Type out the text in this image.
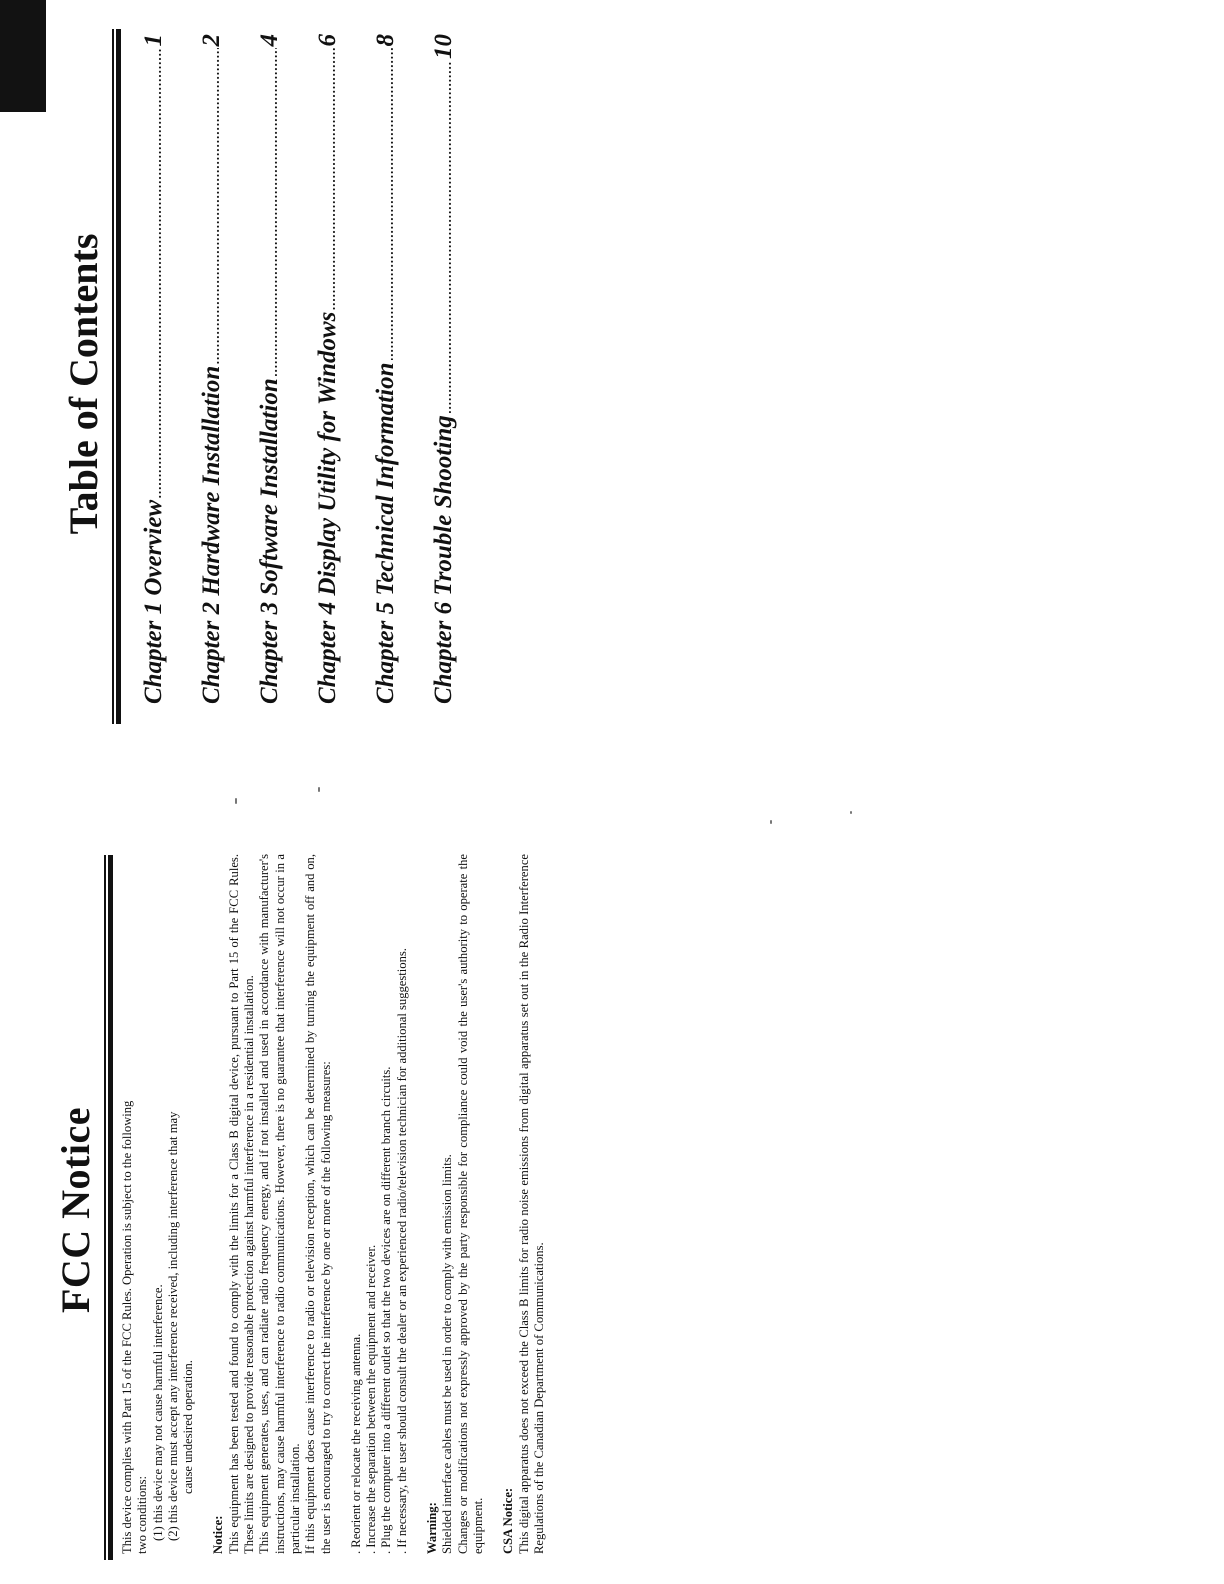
FCC Notice This device complies with Part 15 of the FCC Rules. Operation is subject to the following two conditions: (1) this device may not cause harmful interference. (2) this device must accept any interference received, including interference that may cause undesired operation.

Notice: This equipment has been tested and found to comply with the limits for a Class B digital device, pursuant to Part 15 of the FCC Rules. These limits are designed to provide reasonable protection against harmful interference in a residential installation. This equipment generates, uses, and can radiate radio frequency energy, and if not installed and used in accordance with manufacturer's instructions, may cause harmful interference to radio communications. However, there is no guarantee that interference will not occur in a particular installation. If this equipment does cause interference to radio or television reception, which can be determined by turning the equipment off and on, the user is encouraged to try to correct the interference by one or more of the following measures: . Reorient or relocate the receiving antenna. . Increase the separation between the equipment and receiver. . Plug the computer into a different outlet so that the two devices are on different branch circuits. . If necessary, the user should consult the dealer or an experienced radio/television technician for additional suggestions. Warning: Shielded interface cables must be used in order to comply with emission limits. Changes or modifications not expressly approved by the party responsible for compliance could void the user's authority to operate the equipment. CSA Notice: This digital apparatus does not exceed the Class B limits for radio noise emissions from digital apparatus set out in the Radio Interference Regulations of the Canadian Department of Communications.

Table of Contents
Chapter 1 Overview
.....
1
Chapter 2 Hardware Installation
.....
2
Chapter 3 Software Installation
.....
4
Chapter 4 Display Utility for Windows
.....
6
Chapter 5 Technical Information
.....
8
Chapter 6 Trouble Shooting
.....
10
